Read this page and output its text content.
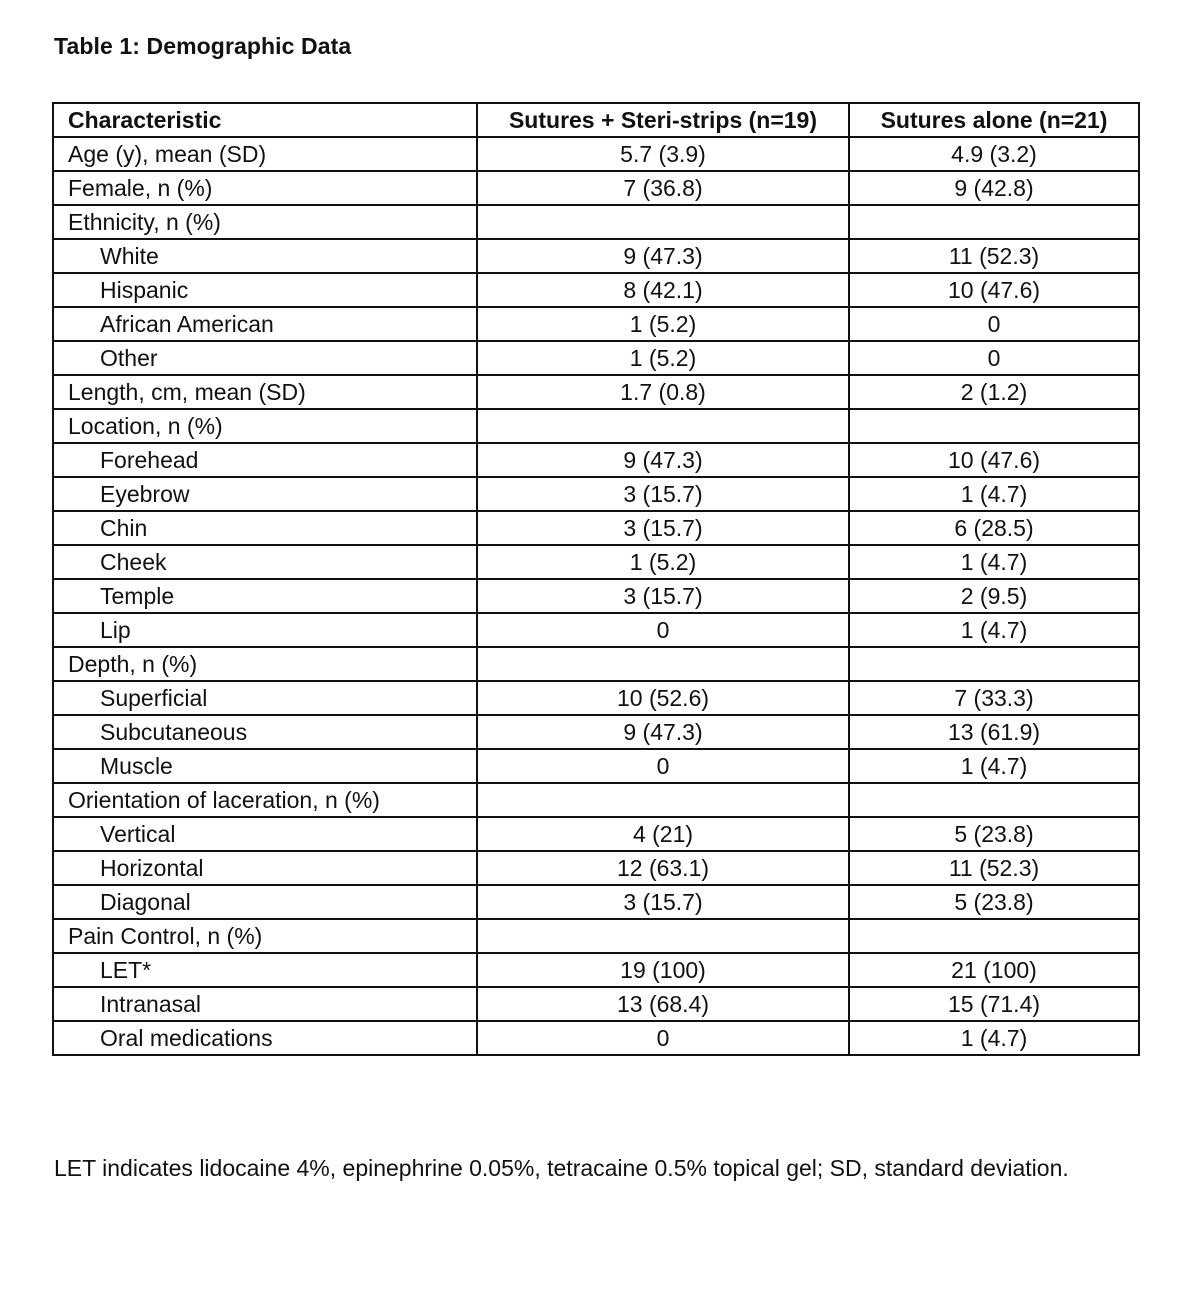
Table 1: Demographic Data
Characteristic	Sutures + Steri-strips (n=19)	Sutures alone (n=21)
Age (y), mean (SD)	5.7 (3.9)	4.9 (3.2)
Female, n (%)	7 (36.8)	9 (42.8)
Ethnicity, n (%)		
White	9 (47.3)	11 (52.3)
Hispanic	8 (42.1)	10 (47.6)
African American	1 (5.2)	0
Other	1 (5.2)	0
Length, cm, mean (SD)	1.7 (0.8)	2 (1.2)
Location, n (%)		
Forehead	9 (47.3)	10 (47.6)
Eyebrow	3 (15.7)	1 (4.7)
Chin	3 (15.7)	6 (28.5)
Cheek	1 (5.2)	1 (4.7)
Temple	3 (15.7)	2 (9.5)
Lip	0	1 (4.7)
Depth, n (%)		
Superficial	10 (52.6)	7 (33.3)
Subcutaneous	9 (47.3)	13 (61.9)
Muscle	0	1 (4.7)
Orientation of laceration, n (%)		
Vertical	4 (21)	5 (23.8)
Horizontal	12 (63.1)	11 (52.3)
Diagonal	3 (15.7)	5 (23.8)
Pain Control, n (%)		
LET*	19 (100)	21 (100)
Intranasal	13 (68.4)	15 (71.4)
Oral medications	0	1 (4.7)
LET indicates lidocaine 4%, epinephrine 0.05%, tetracaine 0.5% topical gel; SD, standard deviation.
